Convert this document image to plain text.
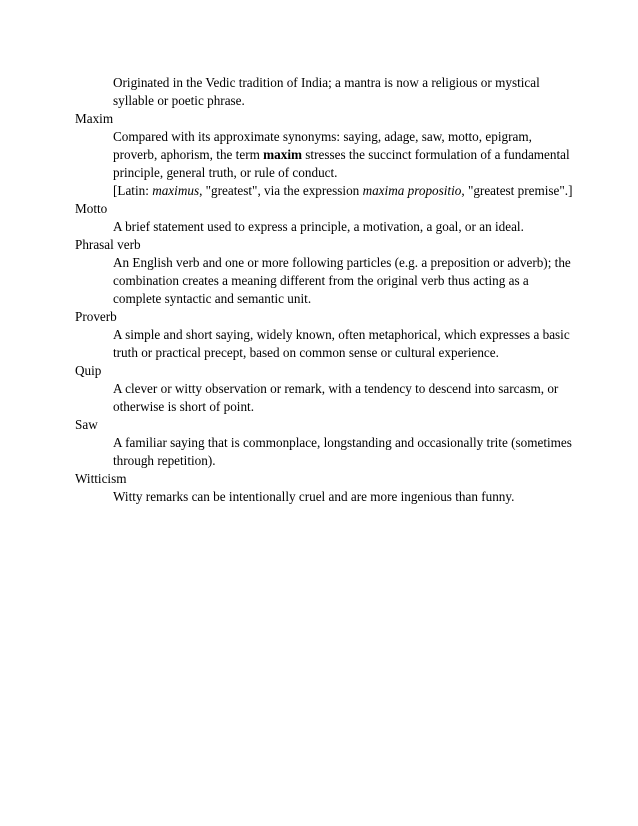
Originated in the Vedic tradition of India; a mantra is now a religious or mystical syllable or poetic phrase.

Maxim

Compared with its approximate synonyms: saying, adage, saw, motto, epigram, proverb, aphorism, the term maxim stresses the succinct formulation of a fundamental principle, general truth, or rule of conduct.

[Latin: maximus, "greatest", via the expression maxima propositio, "greatest premise".]

Motto

A brief statement used to express a principle, a motivation, a goal, or an ideal.

Phrasal verb

An English verb and one or more following particles (e.g. a preposition or adverb); the combination creates a meaning different from the original verb thus acting as a complete syntactic and semantic unit.

Proverb

A simple and short saying, widely known, often metaphorical, which expresses a basic truth or practical precept, based on common sense or cultural experience.

Quip

A clever or witty observation or remark, with a tendency to descend into sarcasm, or otherwise is short of point.

Saw

A familiar saying that is commonplace, longstanding and occasionally trite (sometimes through repetition).

Witticism

Witty remarks can be intentionally cruel and are more ingenious than funny.
